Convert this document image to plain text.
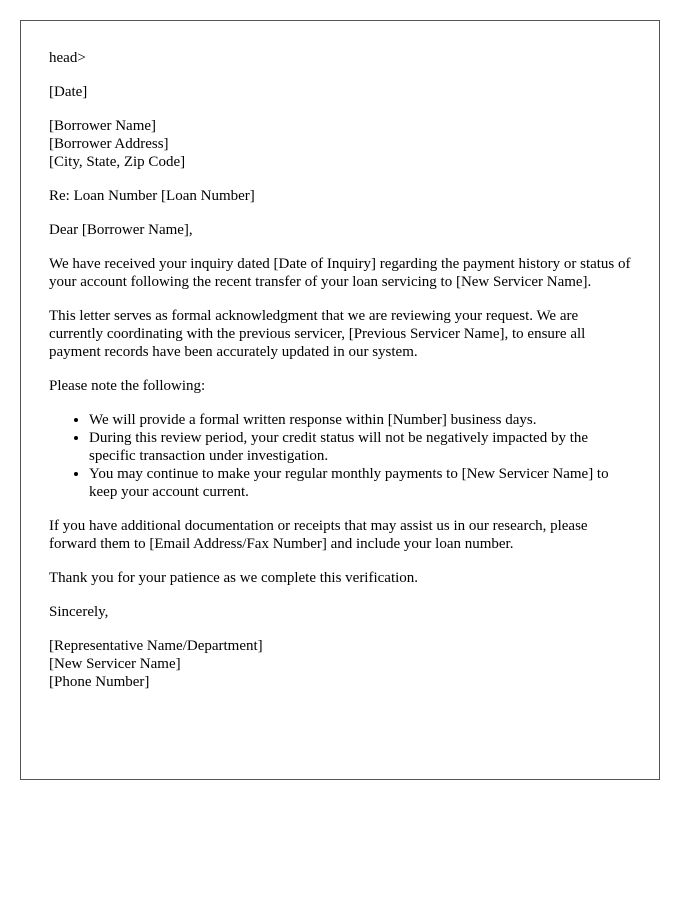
head>
[Date]
[Borrower Name]
[Borrower Address]
[City, State, Zip Code]
Re: Loan Number [Loan Number]
Dear [Borrower Name],
We have received your inquiry dated [Date of Inquiry] regarding the payment history or status of your account following the recent transfer of your loan servicing to [New Servicer Name].
This letter serves as formal acknowledgment that we are reviewing your request. We are currently coordinating with the previous servicer, [Previous Servicer Name], to ensure all payment records have been accurately updated in our system.
Please note the following:
• We will provide a formal written response within [Number] business days.
• During this review period, your credit status will not be negatively impacted by the specific transaction under investigation.
• You may continue to make your regular monthly payments to [New Servicer Name] to keep your account current.
If you have additional documentation or receipts that may assist us in our research, please forward them to [Email Address/Fax Number] and include your loan number.
Thank you for your patience as we complete this verification.
Sincerely,
[Representative Name/Department]
[New Servicer Name]
[Phone Number]
